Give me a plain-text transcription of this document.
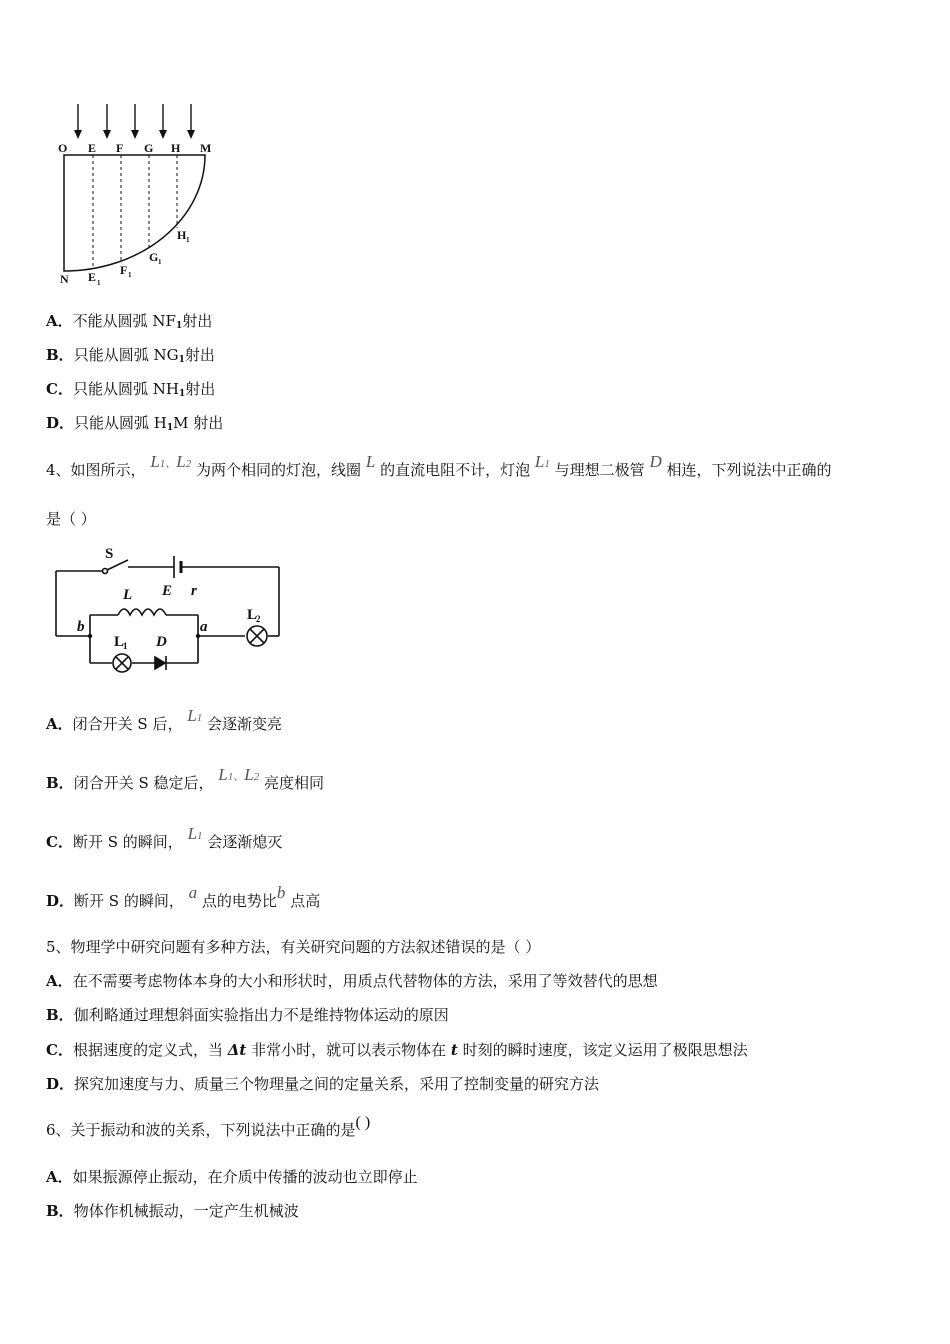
O E F G H M
N E 1
F 1
G 1
H 1
A．不能从圆弧 $NF_1$射出
B．只能从圆弧 $NG_1$射出
C．只能从圆弧 $NH_1$射出
D．只能从圆弧 $H_1M$ 射出
4、如图所示， L1、L2 为两个相同的灯泡，线圈 L 的直流电阻不计，灯泡 L1 与理想二极管 D 相连，下列说法中正确的
是（ ）
S
E r
L
b	a
L
1 D
L
2
A．闭合开关 S 后， L1 会逐渐变亮
B．闭合开关 S 稳定后， L1、L2 亮度相同
C．断开 S 的瞬间， L1 会逐渐熄灭
D．断开 S 的瞬间， a 点的电势比b 点高
5、物理学中研究问题有多种方法，有关研究问题的方法叙述错误的是（ ）
A．在不需要考虑物体本身的大小和形状时，用质点代替物体的方法，采用了等效替代的思想
B．伽利略通过理想斜面实验指出力不是维持物体运动的原因
C．根据速度的定义式，当 Δt 非常小时，就可以表示物体在 t 时刻的瞬时速度，该定义运用了极限思想法
D．探究加速度与力、质量三个物理量之间的定量关系，采用了控制变量的研究方法
6、关于振动和波的关系，下列说法中正确的是( )
A．如果振源停止振动，在介质中传播的波动也立即停止
B．物体作机械振动，一定产生机械波
